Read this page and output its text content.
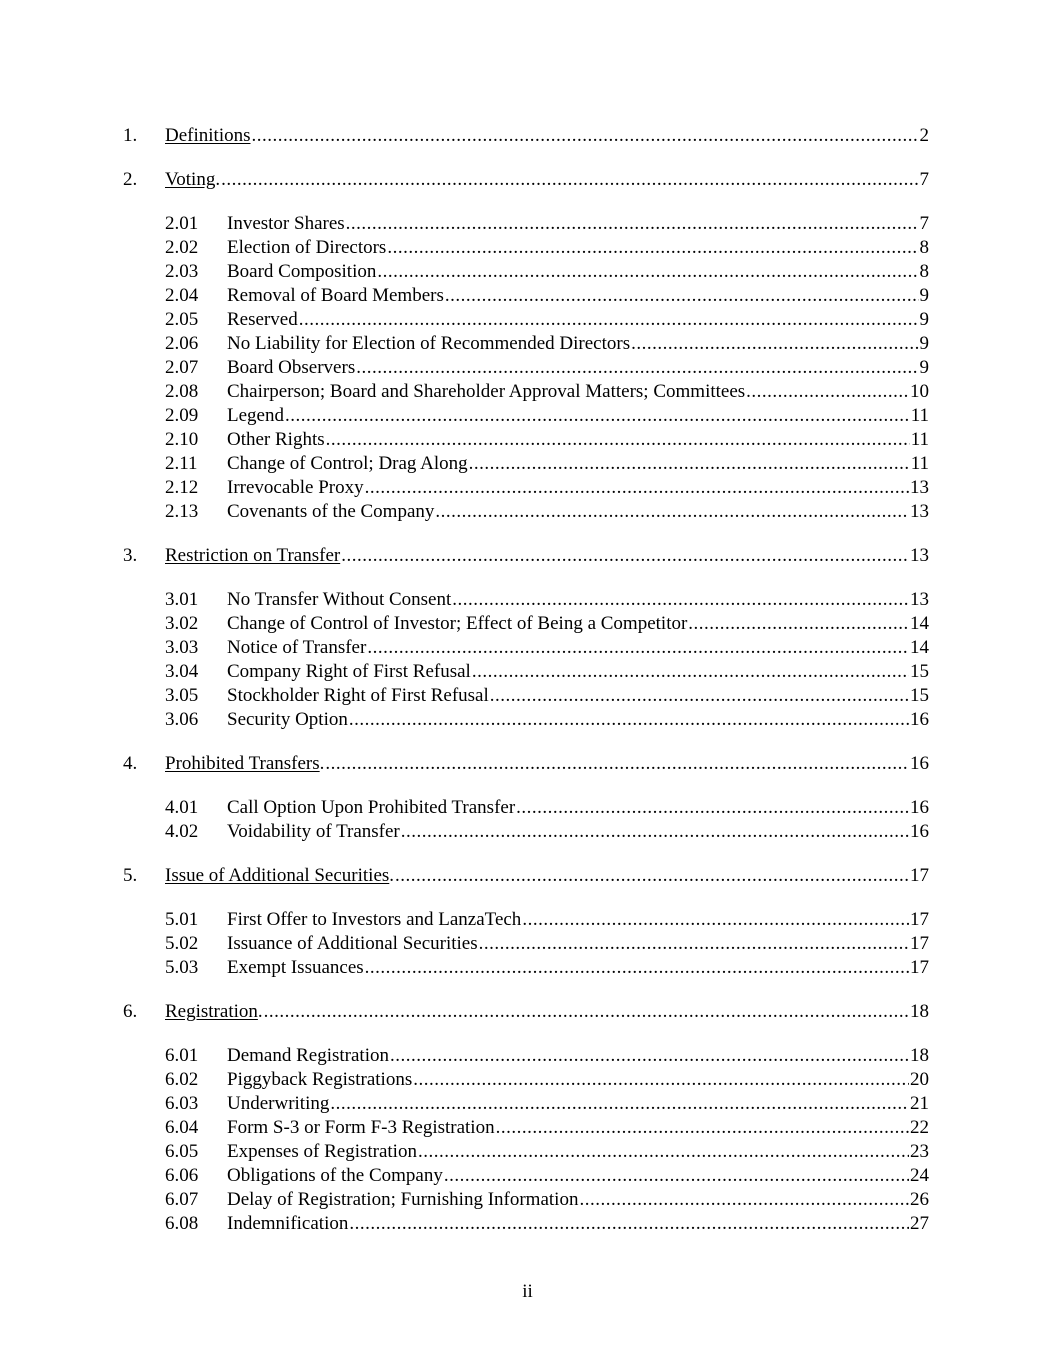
1. Definitions .....	2
2. Voting . .....	7
2.01 Investor Shares .....	7
2.02 Election of Directors .....	8
2.03 Board Composition .....	8
2.04 Removal of Board Members .....	9
2.05 Reserved .....	9
2.06 No Liability for Election of Recommended Directors .....	9
2.07 Board Observers .....	9
2.08 Chairperson; Board and Shareholder Approval Matters; Committees .....	10
2.09 Legend .....	11
2.10 Other Rights .....	11
2.11 Change of Control; Drag Along .....	11
2.12 Irrevocable Proxy .....	13
2.13 Covenants of the Company .....	13
3. Restriction on Transfer .....	13
3.01 No Transfer Without Consent .....	13
3.02 Change of Control of Investor; Effect of Being a Competitor .....	14
3.03 Notice of Transfer .....	14
3.04 Company Right of First Refusal .....	15
3.05 Stockholder Right of First Refusal .....	15
3.06 Security Option .....	16
4. Prohibited Transfers . .....	16
4.01 Call Option Upon Prohibited Transfer .....	16
4.02 Voidability of Transfer .....	16
5. Issue of Additional Securities . .....	17
5.01 First Offer to Investors and LanzaTech .....	17
5.02 Issuance of Additional Securities .....	17
5.03 Exempt Issuances .....	17
6. Registration . .....	18
6.01 Demand Registration .....	18
6.02 Piggyback Registrations .....	20
6.03 Underwriting .....	21
6.04 Form S-3 or Form F-3 Registration .....	22
6.05 Expenses of Registration .....	23
6.06 Obligations of the Company .....	24
6.07 Delay of Registration; Furnishing Information .....	26
6.08 Indemnification .....	27
ii
